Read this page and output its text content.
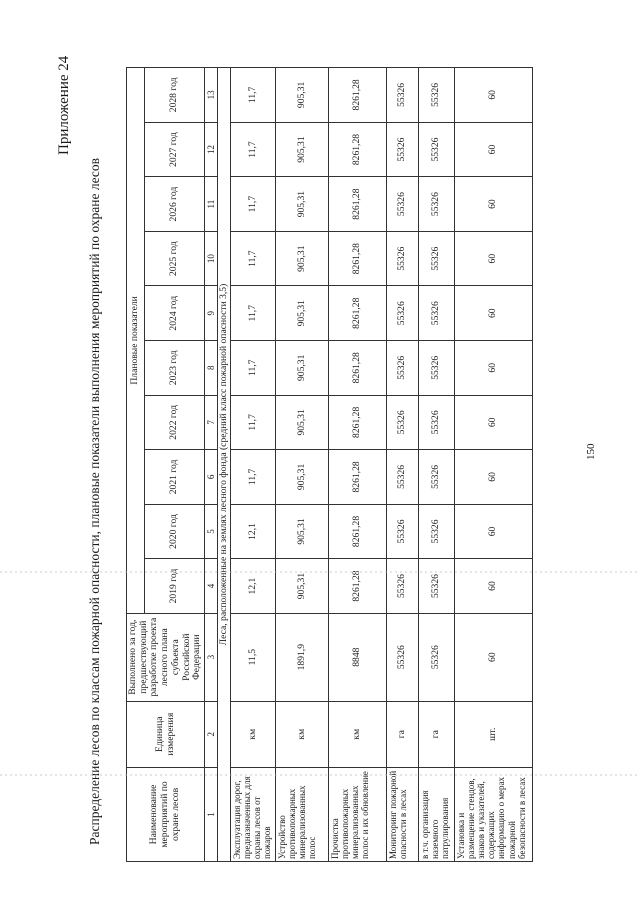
Приложение 24
Распределение лесов по классам пожарной опасности, плановые показатели выполнения мероприятий по охране лесов	Наименование мероприятий по охране лесов	Единица измерения	Выполнено за год, предшествующий разработке проекта лесного плана субъекта Российской Федерации	Плановые показатели									
			2019 год	2020 год	2021 год	2022 год	2023 год	2024 год	2025 год	2026 год	2027 год	2028 год
1	2	3	4	5	6	7	8	9	10	11	12	13
Леса, расположенные на землях лесного фонда (средний класс пожарной опасности 3,5)												
Эксплуатация дорог, предназначенных для охраны лесов от пожаров	км	11,5	12,1	12,1	11,7	11,7	11,7	11,7	11,7	11,7	11,7	11,7
Устройство противопожарных минерализованных полос	км	1891,9	905,31	905,31	905,31	905,31	905,31	905,31	905,31	905,31	905,31	905,31
Прочистка противопожарных минерализованных полос и их обновление	км	8848	8261,28	8261,28	8261,28	8261,28	8261,28	8261,28	8261,28	8261,28	8261,28	8261,28
Мониторинг пожарной опасности в лесах	га	55326	55326	55326	55326	55326	55326	55326	55326	55326	55326	55326
в т.ч. организация наземного патрулирования	га	55326	55326	55326	55326	55326	55326	55326	55326	55326	55326	55326
Установка и размещение стендов, знаков и указателей, содержащих информацию о мерах пожарной безопасности в лесах	шт.	60	60	60	60	60	60	60	60	60	60	60
150
